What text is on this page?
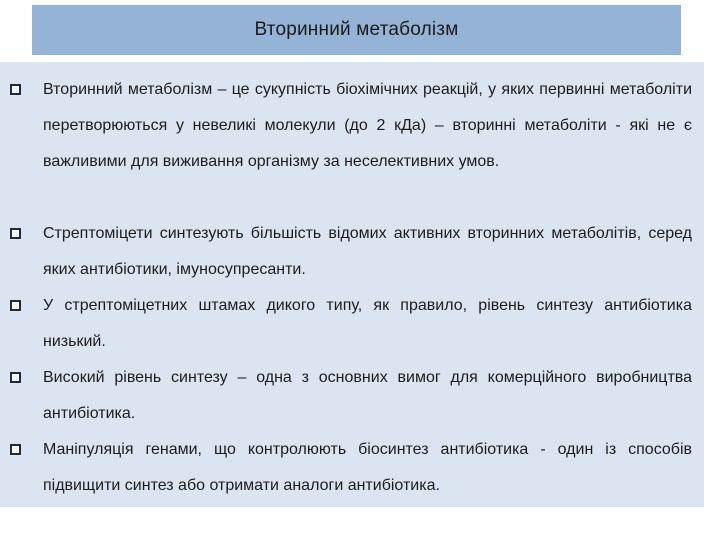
Вторинний метаболізм
Вторинний метаболізм – це сукупність біохімічних реакцій, у яких первинні метаболіти перетворюються у невеликі молекули (до 2 кДа) – вторинні метаболіти - які не є важливими для виживання організму за неселективних умов.
Стрептоміцети синтезують більшість відомих активних вторинних метаболітів, серед яких антибіотики, імуносупресанти.
У стрептоміцетних штамах дикого типу, як правило, рівень синтезу антибіотика низький.
Високий рівень синтезу – одна з основних вимог для комерційного виробництва антибіотика.
Маніпуляція генами, що контролюють біосинтез антибіотика - один із способів підвищити синтез або отримати аналоги антибіотика.
